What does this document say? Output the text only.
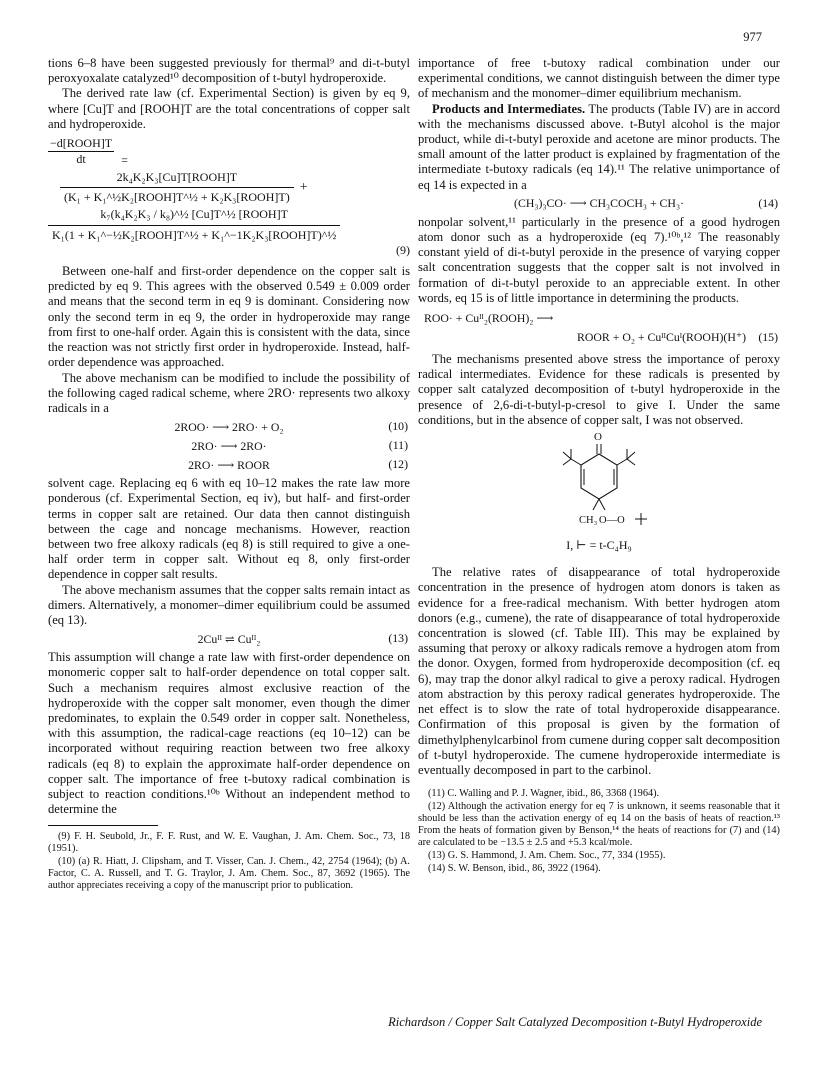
977

tions 6–8 have been suggested previously for thermal⁹ and di-t-butyl peroxyoxalate catalyzed¹⁰ decomposition of t-butyl hydroperoxide.

The derived rate law (cf. Experimental Section) is given by eq 9, where [Cu]T and [ROOH]T are the total concentrations of copper salt and hydroperoxide.

−d[ROOH]T
dt	=
$\frac{\text{2k₄K₂K₃[Cu]T[ROOH]T}}{\text{(K₁ + K₁\textasciicircum{}½K₂[ROOH]T\textasciicircum{}½ + K₂K₃[ROOH]T)}}$ +
$\frac{\text{k₇(k₄K₂K₃ / k₈)\textasciicircum{}½ [Cu]T\textasciicircum{}½ [ROOH]T}}{\text{K₁(1 + K₁\textasciicircum{}−½K₂[ROOH]T\textasciicircum{}½ + K₁\textasciicircum{}−1K₂K₃[ROOH]T)\textasciicircum{}½}}$
(9)

Between one-half and first-order dependence on the copper salt is predicted by eq 9. This agrees with the observed 0.549 ± 0.009 order and means that the second term in eq 9 is dominant. Considering now only the second term in eq 9, the order in hydroperoxide may range from first to one-half order. Again this is consistent with the data, since the reaction was not strictly first order in hydroperoxide. Instead, half-order dependence was approached.

The above mechanism can be modified to include the possibility of the following caged radical scheme, where 2RO· represents two alkoxy radicals in a

2ROO· ⟶ 2RO· + O₂	(10)
2RO· ⟶ 2RO·	(11)
2RO· ⟶ ROOR	(12)

solvent cage. Replacing eq 6 with eq 10–12 makes the rate law more ponderous (cf. Experimental Section, eq iv), but half- and first-order terms in copper salt are retained. Our data then cannot distinguish between the cage and noncage mechanisms. However, reaction between two free alkoxy radicals (eq 8) is still required to give a one-half order term in copper salt. Without eq 8, only first-order dependence in copper salt results.

The above mechanism assumes that the copper salts remain intact as dimers. Alternatively, a monomer–dimer equilibrium could be assumed (eq 13).

2Cuᴵᴵ ⇌ Cuᴵᴵ₂	(13)

This assumption will change a rate law with first-order dependence on monomeric copper salt to half-order dependence on total copper salt. Such a mechanism requires almost exclusive reaction of the hydroperoxide with the copper salt monomer, even though the dimer predominates, to explain the 0.549 order in copper salt. Nonetheless, with this assumption, the radical-cage reactions (eq 10–12) can be incorporated without requiring reaction between two free alkoxy radicals (eq 8) to explain the approximate half-order dependence on copper salt. The importance of free t-butoxy radical combination is subject to reaction conditions.¹⁰ᵇ Without an independent method to determine the

(9) F. H. Seubold, Jr., F. F. Rust, and W. E. Vaughan, J. Am. Chem. Soc., 73, 18 (1951).

(10) (a) R. Hiatt, J. Clipsham, and T. Visser, Can. J. Chem., 42, 2754 (1964); (b) A. Factor, C. A. Russell, and T. G. Traylor, J. Am. Chem. Soc., 87, 3692 (1965). The author appreciates receiving a copy of the manuscript prior to publication.

importance of free t-butoxy radical combination under our experimental conditions, we cannot distinguish between the dimer type of mechanism and the monomer–dimer equilibrium mechanism.

Products and Intermediates. The products (Table IV) are in accord with the mechanisms discussed above. t-Butyl alcohol is the major product, while di-t-butyl peroxide and acetone are minor products. The small amount of the latter product is explained by fragmentation of the intermediate t-butoxy radicals (eq 14).¹¹ The relative unimportance of eq 14 is expected in a

(CH₃)₃CO· ⟶ CH₃COCH₃ + CH₃·	(14)

nonpolar solvent,¹¹ particularly in the presence of a good hydrogen atom donor such as a hydroperoxide (eq 7).¹⁰ᵇ,¹² The reasonably constant yield of di-t-butyl peroxide in the presence of varying copper salt concentration suggests that the copper salt is not involved in formation of di-t-butyl peroxide to an appreciable extent. In other words, eq 15 is of little importance in determining the products.

ROO· + Cuᴵᴵ₂(ROOH)₂ ⟶
ROOR + O₂ + CuᴵᴵCuᴵ(ROOH)(H⁺) (15)

The mechanisms presented above stress the importance of peroxy radical intermediates. Evidence for these radicals is presented by copper salt catalyzed decomposition of t-butyl hydroperoxide in the presence of 2,6-di-t-butyl-p-cresol to give I. Under the same conditions, but in the absence of copper salt, I was not observed.

O
CH₃ O—O
I, ⊢ = t-C₄H₉

The relative rates of disappearance of total hydroperoxide concentration in the presence of hydrogen atom donors is taken as evidence for a free-radical mechanism. With better hydrogen atom donors (e.g., cumene), the rate of disappearance of total hydroperoxide concentration is slowed (cf. Table III). This may be explained by assuming that peroxy or alkoxy radicals remove a hydrogen atom from the donor. Oxygen, formed from hydroperoxide decomposition (cf. eq 6), may trap the donor alkyl radical to give a peroxy radical. Hydrogen atom abstraction by this peroxy radical generates hydroperoxide. The net effect is to slow the rate of total hydroperoxide disappearance. Confirmation of this proposal is given by the formation of dimethylphenylcarbinol from cumene during copper salt decomposition of t-butyl hydroperoxide. The cumene hydroperoxide intermediate is eventually decomposed in part to the carbinol.

(11) C. Walling and P. J. Wagner, ibid., 86, 3368 (1964).

(12) Although the activation energy for eq 7 is unknown, it seems reasonable that it should be less than the activation energy of eq 14 on the basis of heats of reaction.¹³ From the heats of formation given by Benson,¹⁴ the heats of reactions for (7) and (14) are calculated to be −13.5 ± 2.5 and +5.3 kcal/mole.

(13) G. S. Hammond, J. Am. Chem. Soc., 77, 334 (1955).

(14) S. W. Benson, ibid., 86, 3922 (1964).

Richardson / Copper Salt Catalyzed Decomposition t-Butyl Hydroperoxide
